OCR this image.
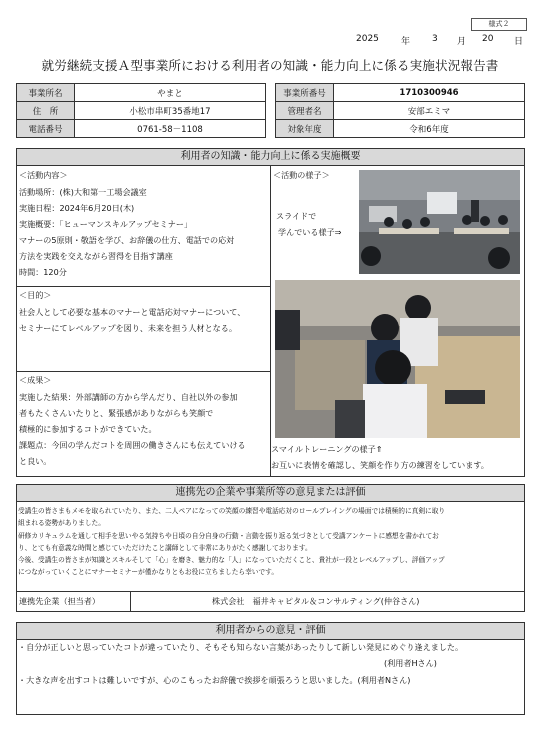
様式２
2025 年 3 月 20 日
就労継続支援Ａ型事業所における利用者の知識・能力向上に係る実施状況報告書
事業所名	やまと
住　所	小松市串町35番地17
電話番号	0761-58－1108
事業所番号	1710300946
管理者名	安部エミマ
対象年度	令和6年度
利用者の知識・能力向上に係る実施概要
＜活動内容＞
活動場所：(株)大和第一工場会議室
実施日程：2024年6月20日(木)
実施概要：「ヒューマンスキルアップセミナー」
マナーの5原則・敬語を学び、お辞儀の仕方、電話での応対
方法を実践を交えながら習得を目指す講座
時間：120分
＜目的＞
社会人として必要な基本のマナーと電話応対マナーについて、
セミナーにてレベルアップを図り、未来を担う人材となる。
＜成果＞
実施した結果：外部講師の方から学んだり、自社以外の参加
者もたくさんいたりと、緊張感がありながらも笑顔で
積極的に参加するコトができていた。
課題点：今回の学んだコトを周囲の働きさんにも伝えていける
と良い。
＜活動の様子＞
スライドで
学んでいる様子⇒
スマイルトレーニングの様子⇑
お互いに表情を確認し、笑顔を作り方の練習をしています。
連携先の企業や事業所等の意見または評価
受講生の皆さまもメモを取られていたり、また、二人ペアになっての笑顔の練習や電話応対のロールプレイングの場面では積極的に真剣に取り
組まれる姿勢がありました。
研修カリキュラムを通して相手を思いやる気持ちや日頃の自分自身の行動・言動を振り返る気づきとして受講アンケートに感想を書かれてお
り、とても有意義な時間と感じていただけたこと講師として非常にありがたく感謝しております。
今後、受講生の皆さまが知識とスキルそして「心」を磨き、魅力的な「人」になっていただくこと、貴社が一段とレベルアップし、評価アップ
につながっていくことにマナーセミナーが僅かなりともお役に立ちましたら幸いです。
連携先企業（担当者）	株式会社　福井キャピタル＆コンサルティング(仲谷さん)
利用者からの意見・評価
・自分が正しいと思っていたコトが違っていたり、そもそも知らない言葉があったりして新しい発見にめぐり逢えました。
(利用者Hさん)
・大きな声を出すコトは難しいですが、心のこもったお辞儀で挨拶を頑張ろうと思いました。(利用者Nさん)
